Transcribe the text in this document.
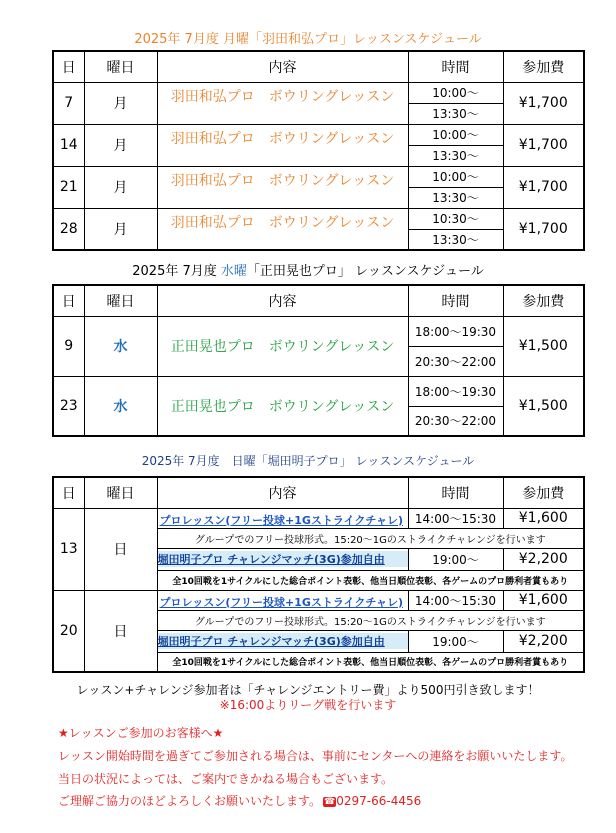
2025年 7月度 月曜「羽田和弘プロ」レッスンスケジュール
日	曜日	内容	時間	参加費
7	月	羽田和弘プロ　ボウリングレッスン	10:00〜	¥1,700
			13:30〜	
14	月	羽田和弘プロ　ボウリングレッスン	10:00〜	¥1,700
			13:30〜	
21	月	羽田和弘プロ　ボウリングレッスン	10:00〜	¥1,700
			13:30〜	
28	月	羽田和弘プロ　ボウリングレッスン	10:30〜	¥1,700
			13:30〜	
2025年 7月度 水曜「正田晃也プロ」 レッスンスケジュール
日	曜日	内容	時間	参加費
9	水	正田晃也プロ　ボウリングレッスン	18:00〜19:30	¥1,500
			20:30〜22:00	
23	水	正田晃也プロ　ボウリングレッスン	18:00〜19:30	¥1,500
			20:30〜22:00	
2025年 7月度　日曜「堀田明子プロ」 レッスンスケジュール
日	曜日	内容	時間	参加費
13	日	プロレッスン(フリー投球+1Gストライクチャレ)	14:00〜15:30	¥1,600
		グループでのフリー投球形式。15:20〜1Gのストライクチャレンジを行います		

		堀田明子プロ チャレンジマッチ(3G)参加自由	19:00〜	¥2,200
		全10回戦を1サイクルにした総合ポイント表彰、他当日順位表彰、各ゲームのプロ勝利者賞もあり		
20	日	プロレッスン(フリー投球+1Gストライクチャレ)	14:00〜15:30	¥1,600
		グループでのフリー投球形式。15:20〜1Gのストライクチャレンジを行います		

		堀田明子プロ チャレンジマッチ(3G)参加自由	19:00〜	¥2,200
		全10回戦を1サイクルにした総合ポイント表彰、他当日順位表彰、各ゲームのプロ勝利者賞もあり		
レッスン+チャレンジ参加者は「チャレンジエントリー費」より500円引き致します！
※16:00よりリーグ戦を行います
★レッスンご参加のお客様へ★
レッスン開始時間を過ぎてご参加される場合は、事前にセンターへの連絡をお願いいたします。
当日の状況によっては、ご案内できかねる場合もございます。
ご理解ご協力のほどよろしくお願いいたします。 ☎0297-66-4456
